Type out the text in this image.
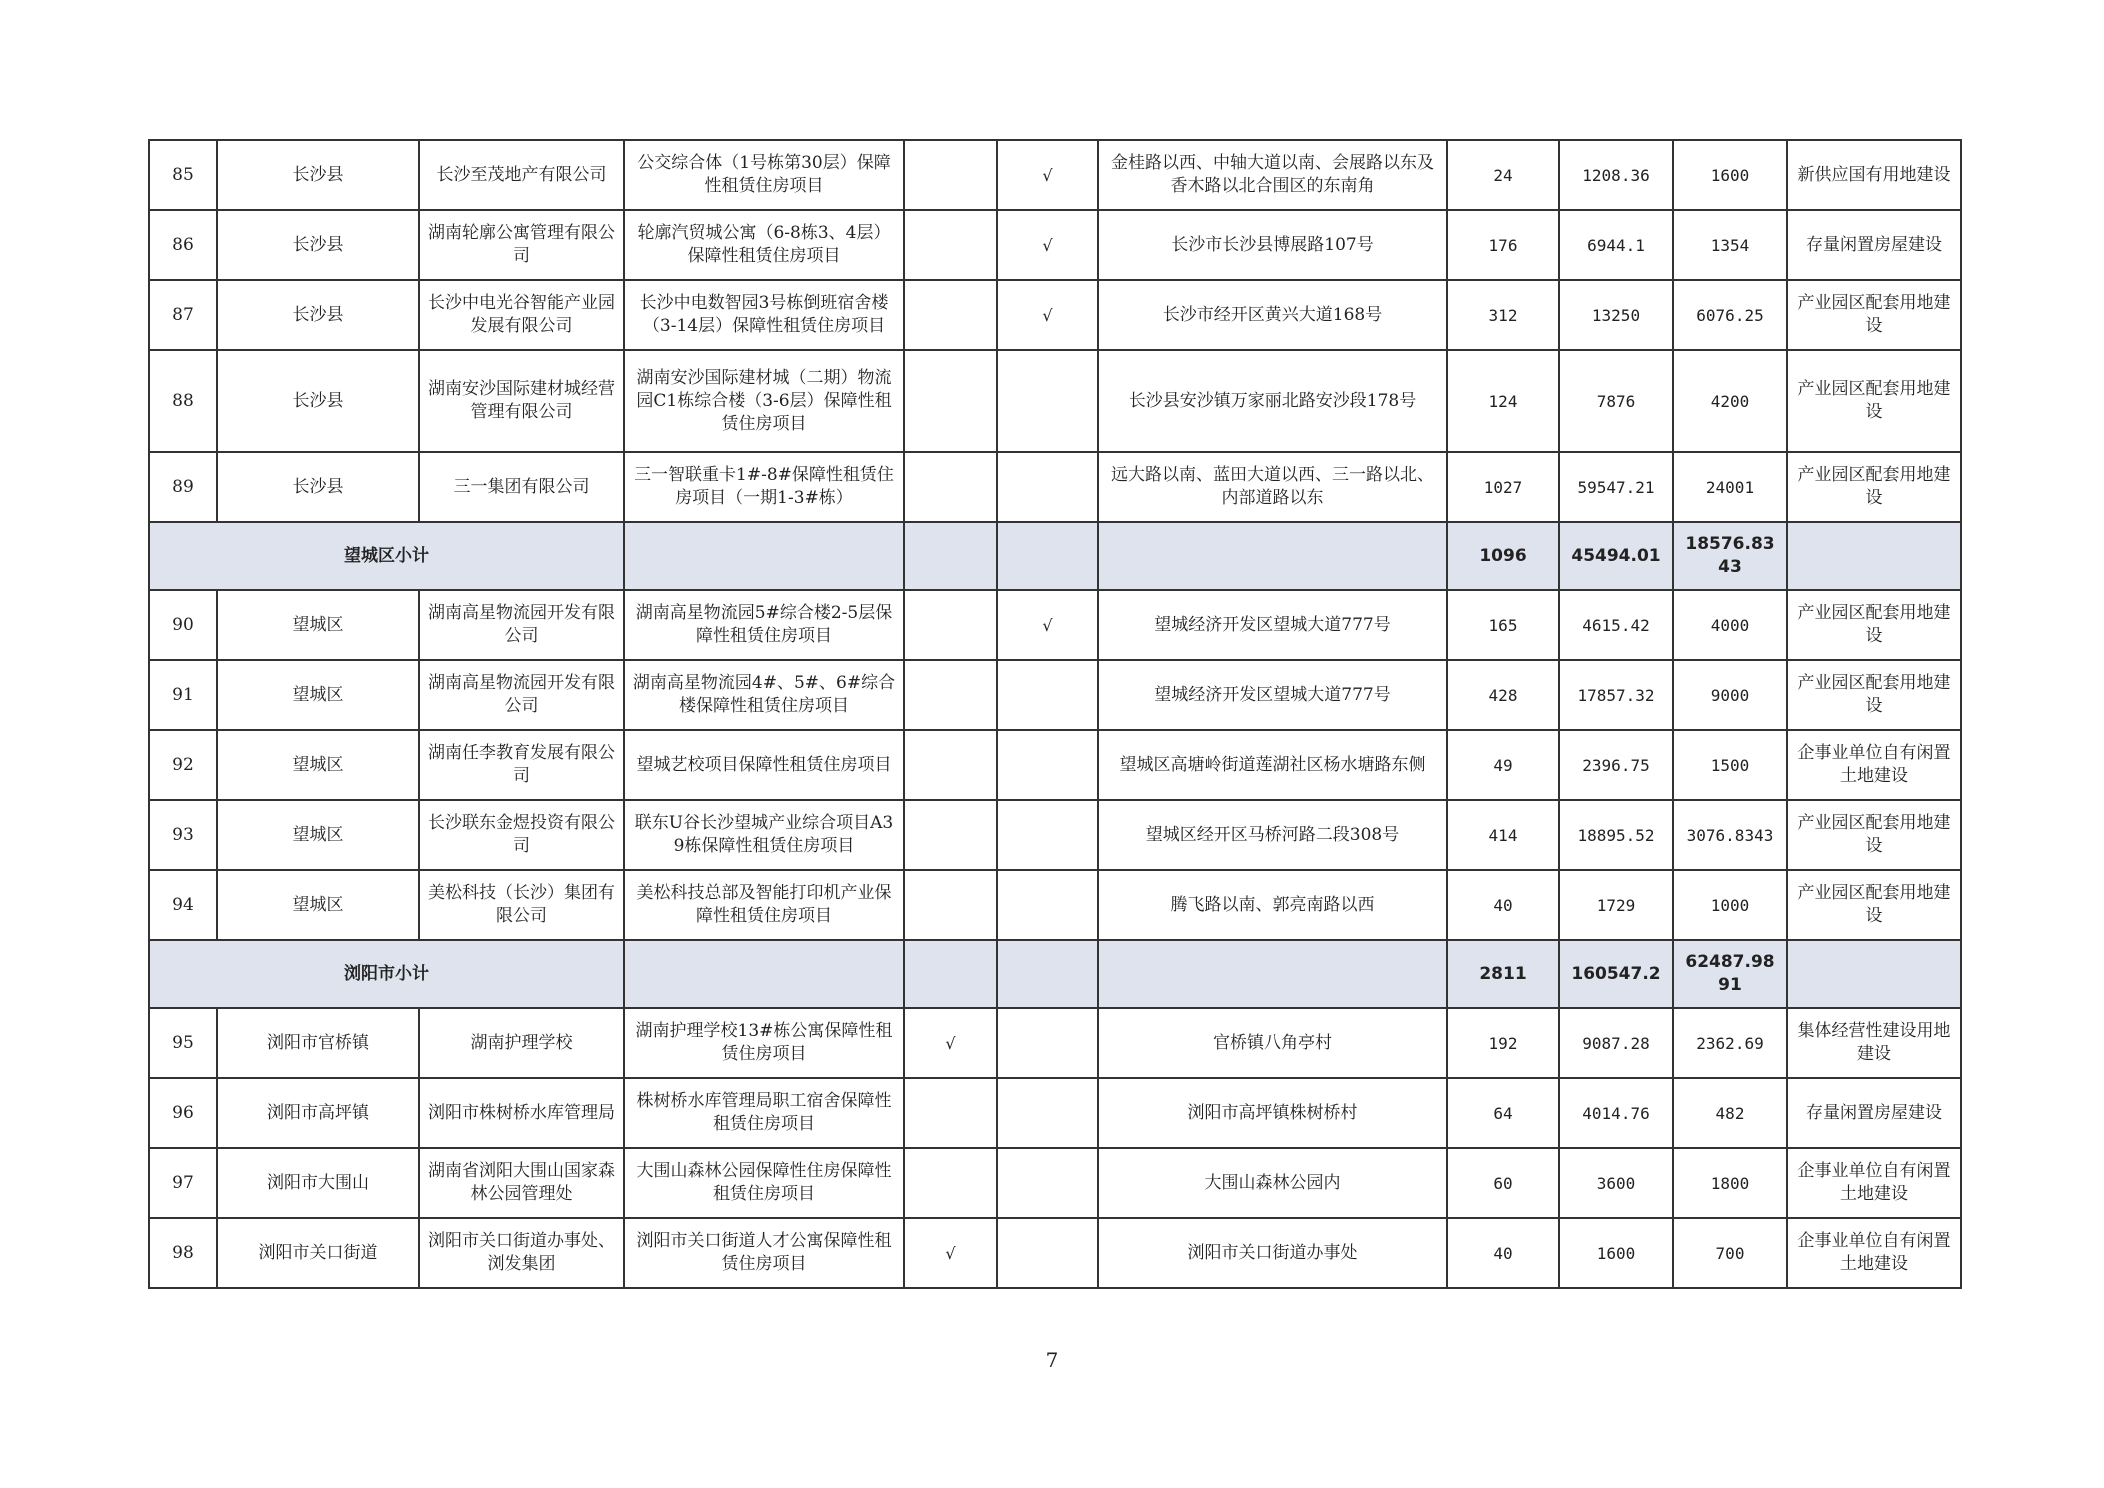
85	长沙县	长沙至茂地产有限公司	公交综合体（1号栋第30层）保障性租赁住房项目		√	金桂路以西、中轴大道以南、会展路以东及香木路以北合围区的东南角	24	1208.36	1600	新供应国有用地建设
86	长沙县	湖南轮廓公寓管理有限公司	轮廓汽贸城公寓（6-8栋3、4层）保障性租赁住房项目		√	长沙市长沙县博展路107号	176	6944.1	1354	存量闲置房屋建设
87	长沙县	长沙中电光谷智能产业园发展有限公司	长沙中电数智园3号栋倒班宿舍楼（3-14层）保障性租赁住房项目		√	长沙市经开区黄兴大道168号	312	13250	6076.25	产业园区配套用地建设
88	长沙县	湖南安沙国际建材城经营管理有限公司	湖南安沙国际建材城（二期）物流园C1栋综合楼（3-6层）保障性租赁住房项目			长沙县安沙镇万家丽北路安沙段178号	124	7876	4200	产业园区配套用地建设
89	长沙县	三一集团有限公司	三一智联重卡1#-8#保障性租赁住房项目（一期1-3#栋）			远大路以南、蓝田大道以西、三一路以北、内部道路以东	1027	59547.21	24001	产业园区配套用地建设
望城区小计							1096	45494.01	18576.8343	
90	望城区	湖南高星物流园开发有限公司	湖南高星物流园5#综合楼2-5层保障性租赁住房项目		√	望城经济开发区望城大道777号	165	4615.42	4000	产业园区配套用地建设
91	望城区	湖南高星物流园开发有限公司	湖南高星物流园4#、5#、6#综合楼保障性租赁住房项目			望城经济开发区望城大道777号	428	17857.32	9000	产业园区配套用地建设
92	望城区	湖南任李教育发展有限公司	望城艺校项目保障性租赁住房项目			望城区高塘岭街道莲湖社区杨水塘路东侧	49	2396.75	1500	企事业单位自有闲置土地建设
93	望城区	长沙联东金煜投资有限公司	联东U谷长沙望城产业综合项目A39栋保障性租赁住房项目			望城区经开区马桥河路二段308号	414	18895.52	3076.8343	产业园区配套用地建设
94	望城区	美松科技（长沙）集团有限公司	美松科技总部及智能打印机产业保障性租赁住房项目			腾飞路以南、郭亮南路以西	40	1729	1000	产业园区配套用地建设
浏阳市小计							2811	160547.2	62487.9891	
95	浏阳市官桥镇	湖南护理学校	湖南护理学校13#栋公寓保障性租赁住房项目	√		官桥镇八角亭村	192	9087.28	2362.69	集体经营性建设用地建设
96	浏阳市高坪镇	浏阳市株树桥水库管理局	株树桥水库管理局职工宿舍保障性租赁住房项目			浏阳市高坪镇株树桥村	64	4014.76	482	存量闲置房屋建设
97	浏阳市大围山	湖南省浏阳大围山国家森林公园管理处	大围山森林公园保障性住房保障性租赁住房项目			大围山森林公园内	60	3600	1800	企事业单位自有闲置土地建设
98	浏阳市关口街道	浏阳市关口街道办事处、浏发集团	浏阳市关口街道人才公寓保障性租赁住房项目	√		浏阳市关口街道办事处	40	1600	700	企事业单位自有闲置土地建设
7
